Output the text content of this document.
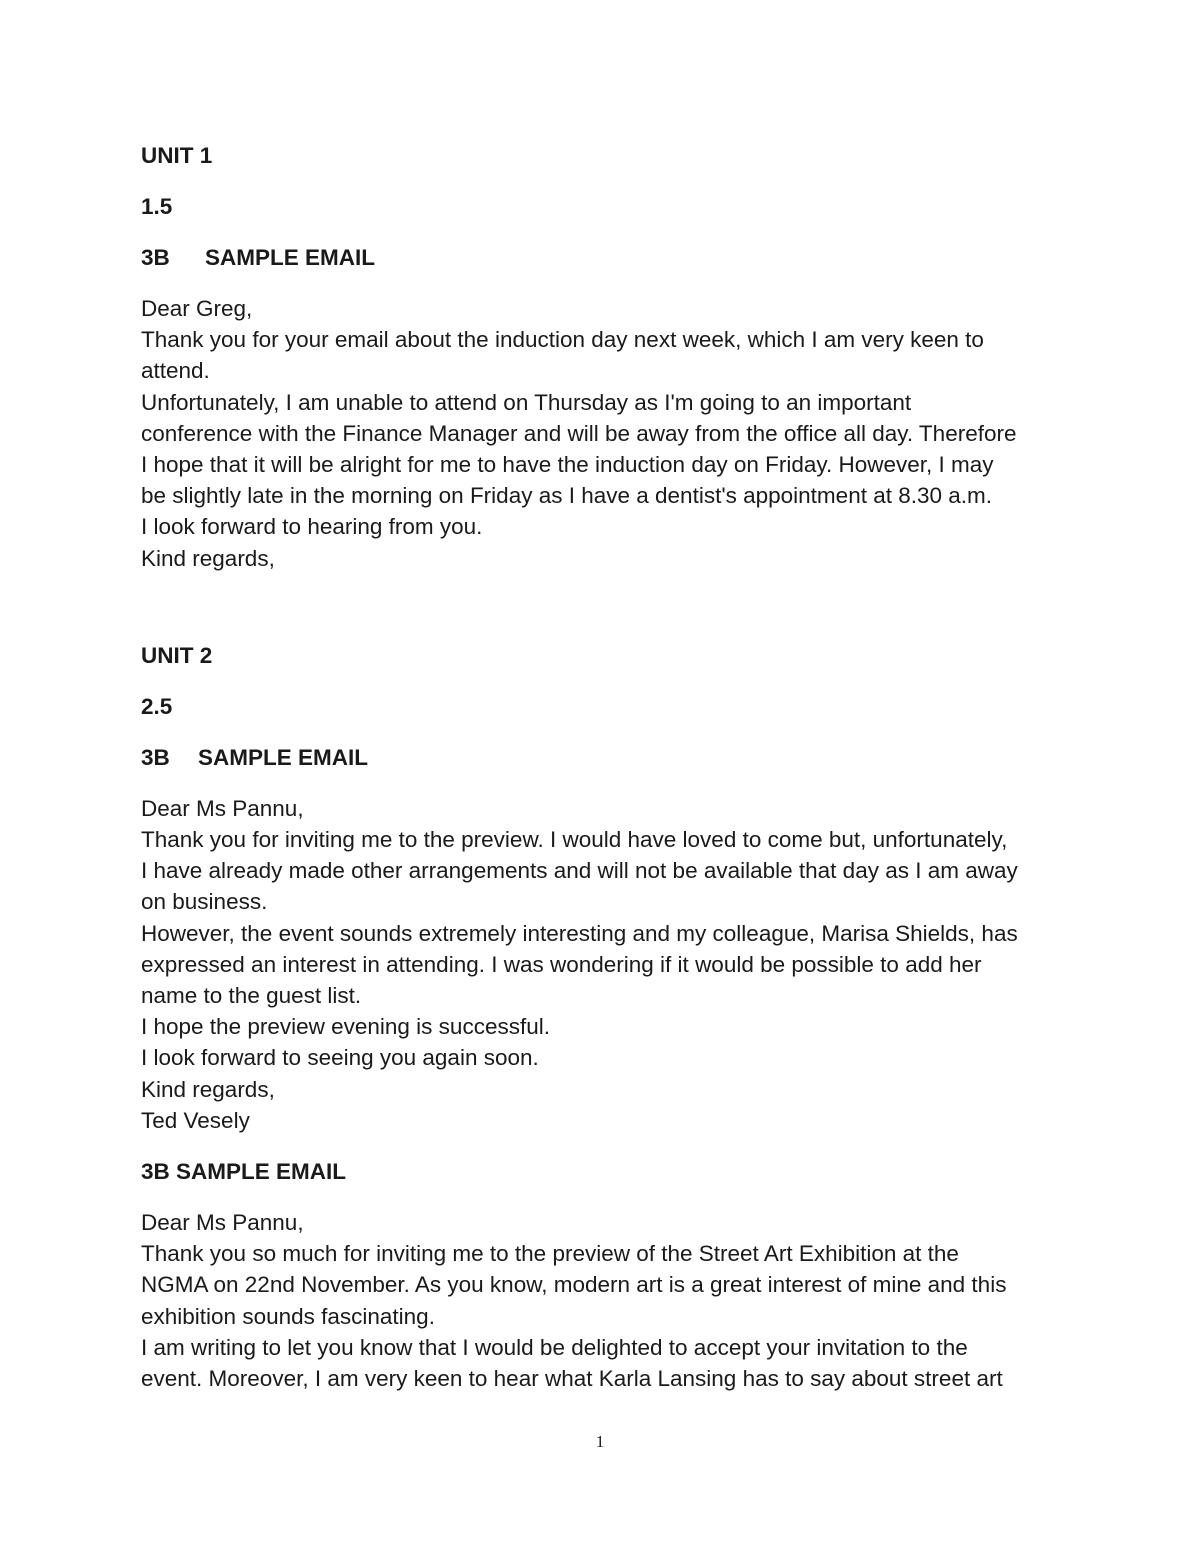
UNIT 1

1.5

3B SAMPLE EMAIL

Dear Greg,

Thank you for your email about the induction day next week, which I am very keen to

attend.

Unfortunately, I am unable to attend on Thursday as I'm going to an important

conference with the Finance Manager and will be away from the office all day. Therefore

I hope that it will be alright for me to have the induction day on Friday. However, I may

be slightly late in the morning on Friday as I have a dentist's appointment at 8.30 a.m.

I look forward to hearing from you.

Kind regards,

UNIT 2

2.5

3B SAMPLE EMAIL

Dear Ms Pannu,

Thank you for inviting me to the preview. I would have loved to come but, unfortunately,

I have already made other arrangements and will not be available that day as I am away

on business.

However, the event sounds extremely interesting and my colleague, Marisa Shields, has

expressed an interest in attending. I was wondering if it would be possible to add her

name to the guest list.

I hope the preview evening is successful.

I look forward to seeing you again soon.

Kind regards,

Ted Vesely

3B SAMPLE EMAIL

Dear Ms Pannu,

Thank you so much for inviting me to the preview of the Street Art Exhibition at the

NGMA on 22nd November. As you know, modern art is a great interest of mine and this

exhibition sounds fascinating.

I am writing to let you know that I would be delighted to accept your invitation to the

event. Moreover, I am very keen to hear what Karla Lansing has to say about street art

1
